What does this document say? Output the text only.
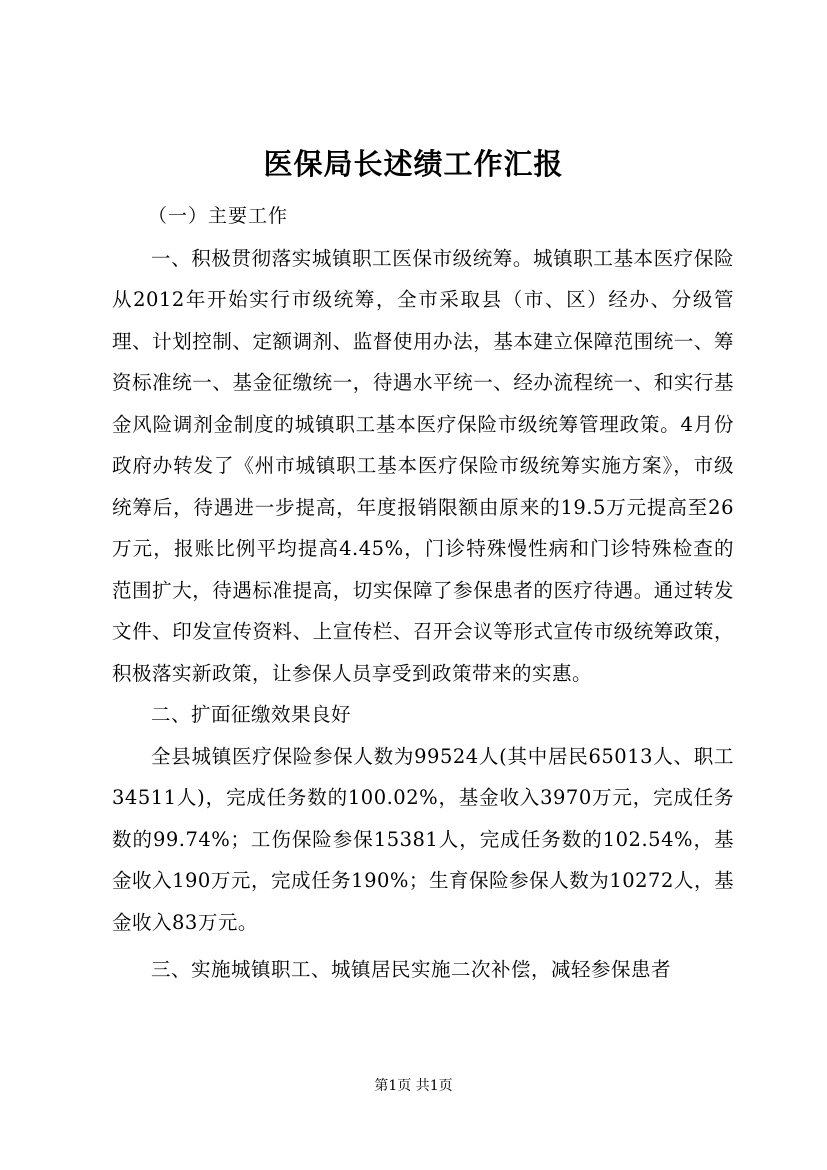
医保局长述绩工作汇报

（一）主要工作

一、积极贯彻落实城镇职工医保市级统筹。城镇职工基本医疗保险从2012年开始实行市级统筹，全市采取县（市、区）经办、分级管理、计划控制、定额调剂、监督使用办法，基本建立保障范围统一、筹资标准统一、基金征缴统一，待遇水平统一、经办流程统一、和实行基金风险调剂金制度的城镇职工基本医疗保险市级统筹管理政策。4月份政府办转发了《州市城镇职工基本医疗保险市级统筹实施方案》，市级统筹后，待遇进一步提高，年度报销限额由原来的19.5万元提高至26万元，报账比例平均提高4.45%，门诊特殊慢性病和门诊特殊检查的范围扩大，待遇标准提高，切实保障了参保患者的医疗待遇。通过转发文件、印发宣传资料、上宣传栏、召开会议等形式宣传市级统筹政策，积极落实新政策，让参保人员享受到政策带来的实惠。

二、扩面征缴效果良好

全县城镇医疗保险参保人数为99524人(其中居民65013人、职工34511人)，完成任务数的100.02%，基金收入3970万元，完成任务数的99.74%；工伤保险参保15381人，完成任务数的102.54%，基金收入190万元，完成任务190%；生育保险参保人数为10272人，基金收入83万元。

三、实施城镇职工、城镇居民实施二次补偿，减轻参保患者

第1页 共1页
